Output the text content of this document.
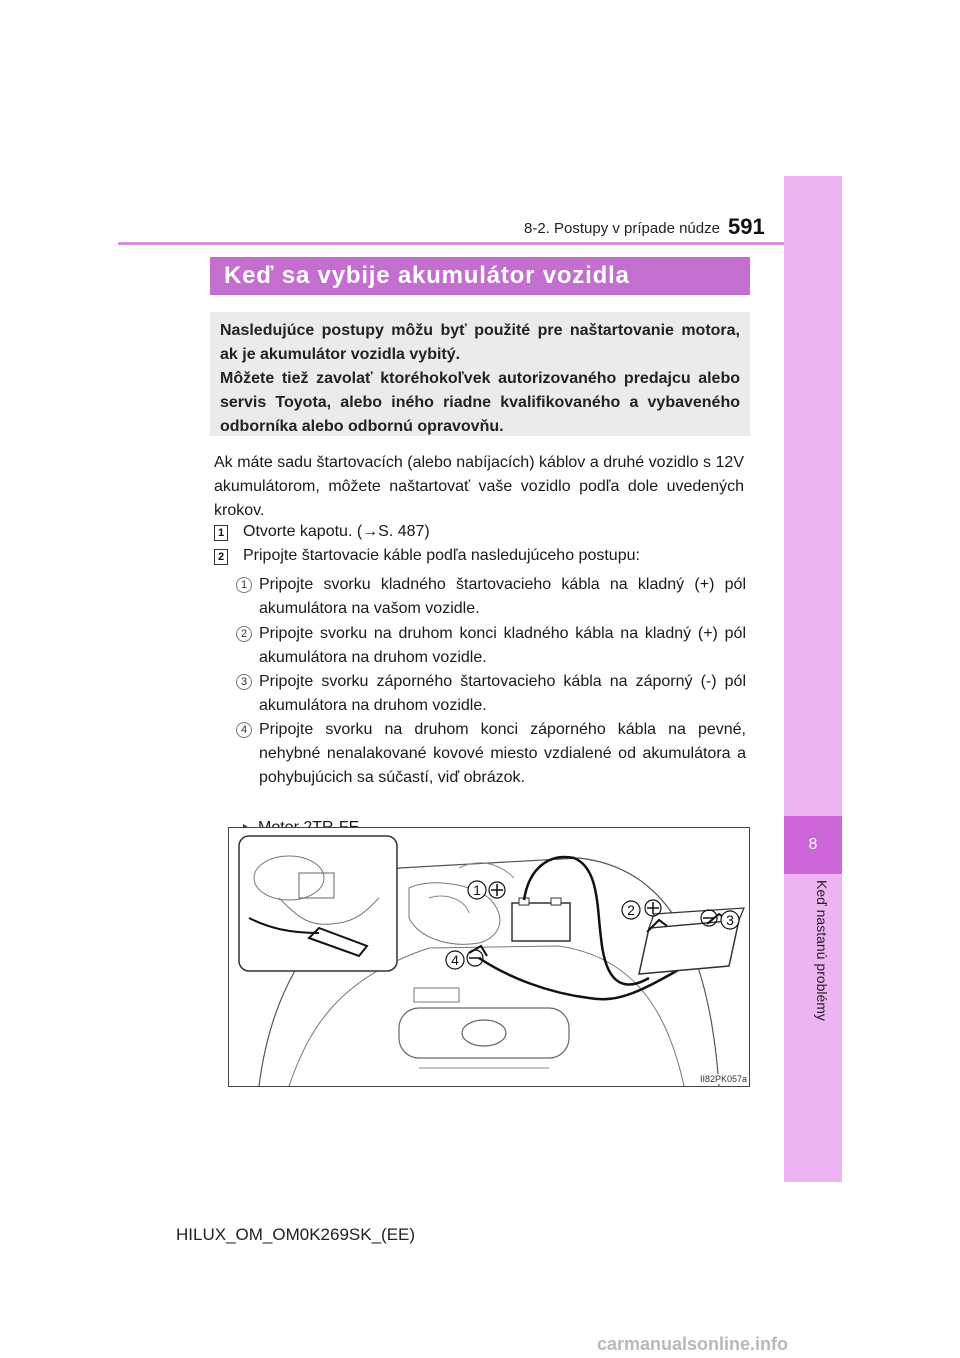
8
Keď nastanú problémy
8-2. Postupy v prípade núdze 591
Keď sa vybije akumulátor vozidla

Nasledujúce postupy môžu byť použité pre naštartovanie motora, ak je akumulátor vozidla vybitý.

Môžete tiež zavolať ktoréhokoľvek autorizovaného predajcu alebo servis Toyota, alebo iného riadne kvalifikovaného a vybaveného odborníka alebo odbornú opravovňu.

Ak máte sadu štartovacích (alebo nabíjacích) káblov a druhé vozidlo s 12V akumulátorom, môžete naštartovať vaše vozidlo podľa dole uvedených krokov.
1 Otvorte kapotu. (→S. 487)
2 Pripojte štartovacie káble podľa nasledujúceho postupu:
1 Pripojte svorku kladného štartovacieho kábla na kladný (+) pól akumulátora na vašom vozidle.
2 Pripojte svorku na druhom konci kladného kábla na kladný (+) pól akumulátora na druhom vozidle.
3 Pripojte svorku záporného štartovacieho kábla na záporný (-) pól akumulátora na druhom vozidle.
4 Pripojte svorku na druhom konci záporného kábla na pevné, nehybné nenalakované kovové miesto vzdialené od akumulátora a pohybujúcich sa súčastí, viď obrázok.
1
2
3
4
II82PK057a
HILUX_OM_OM0K269SK_(EE)
carmanualsonline.info
